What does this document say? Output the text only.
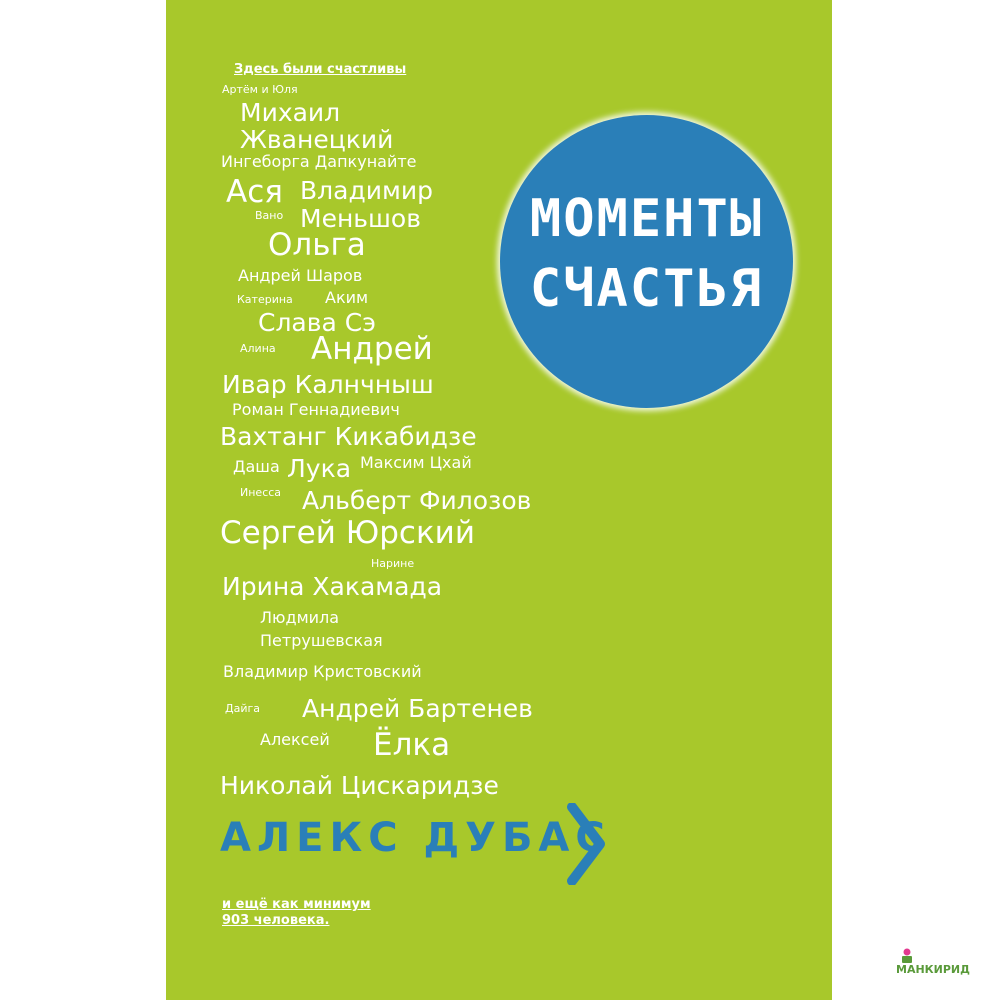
Здесь были счастливы
Артём и Юля
Михаил
Жванецкий
Ингеборга Дапкунайте
Ася Владимир
Вано Меньшов
Ольга
Андрей Шаров
Катерина Аким
Слава Сэ
Алина Андрей
Ивар Калнчныш
Роман Геннадиевич
Вахтанг Кикабидзе
Даша Лука Максим Цхай
Инесса Альберт Филозов
Сергей Юрский
Нарине
Ирина Хакамада
Людмила
Петрушевская
Владимир Кристовский
Дайга Андрей Бартенев
Алексей Ёлка
Николай Цискаридзе
МОМЕНТЫ
СЧАСТЬЯ
АЛЕКС ДУБАС
и ещё как минимум
903 человека.
МАНКИРИД
